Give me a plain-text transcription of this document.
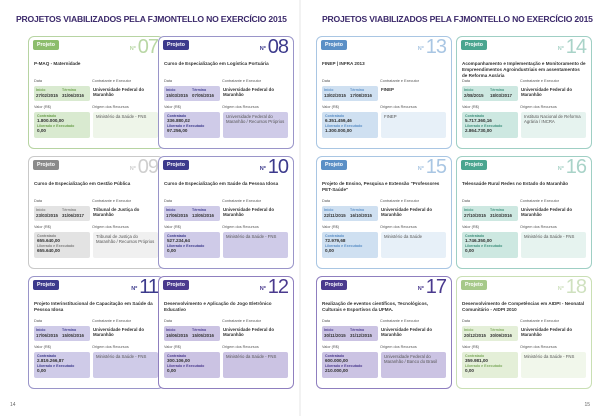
PROJETOS VIABILIZADOS PELA FJMONTELLO NO EXERCÍCIO 2015
14
PROJETOS VIABILIZADOS PELA FJMONTELLO NO EXERCÍCIO 2015
15
Projeto
Nº 07
P-MAQ - Maternidade
Data	Contratante e Executor
Início
27/02/2015
Término
31/06/2016
Universidade Federal do Maranhão
Valor (R$)	Origem dos Recursos
Contratado
1.800.000,00
Liberado e Executado
0,00
Ministério da Saúde - FNS
Projeto
Nº 08
Curso de Especialização em Logística Portuária
Data	Contratante e Executor
Início
15/03/2015
Término
07/05/2016
Universidade Federal do Maranhão
Valor (R$)	Origem dos Recursos
Contratado
336.880,02
Liberado e Executado
97.256,00
Universidade Federal do Maranhão / Recursos Próprios
Projeto
Nº 09
Curso de Especialização em Gestão Pública
Data	Contratante e Executor
Início
23/03/2015
Término
31/06/2017
Tribunal de Justiça do Maranhão
Valor (R$)	Origem dos Recursos
Contratado
655.640,00
Liberado e Executado
655.640,00
Tribunal de Justiça do Maranhão / Recursos Próprios
Projeto
Nº 10
Curso de Especialização em Saúde da Pessoa Idosa
Data	Contratante e Executor
Início
17/06/2015
Término
13/05/2016
Universidade Federal do Maranhão
Valor (R$)	Origem dos Recursos
Contratado
527.234,64
Liberado e Executado
0,00
Ministério da Saúde - FNS
Projeto
Nº 11
Projeto Interinstitucional de Capacitação em Saúde da Pessoa Idosa
Data	Contratante e Executor
Início
17/06/2015
Término
15/05/2016
Universidade Federal do Maranhão
Valor (R$)	Origem dos Recursos
Contratado
2.819.266,87
Liberado e Executado
0,00
Ministério da Saúde - FNS
Projeto
Nº 12
Desenvolvimento e Aplicação do Jogo Eletrônico Educativo
Data	Contratante e Executor
Início
16/06/2015
Término
15/05/2016
Universidade Federal do Maranhão
Valor (R$)	Origem dos Recursos
Contratado
300.106,00
Liberado e Executado
0,00
Ministério da Saúde - FNS
Projeto
Nº 13
FINEP | INFRA 2013
Data	Contratante e Executor
Início
13/02/2015
Término
17/08/2016
FINEP
Valor (R$)	Origem dos Recursos
Contratado
6.351.459,46
Liberado e Executado
1.300.000,00
FINEP
Projeto
Nº 14
Acompanhamento e Implementação e Monitoramento de Empreendimentos Agroindustriais em assentamentos de Reforma Agrária
Data	Contratante e Executor
Início
2/08/2015
Término
18/03/2017
Universidade Federal do Maranhão
Valor (R$)	Origem dos Recursos
Contratado
5.717.360,16
Liberado e Executado
2.864.730,00
Instituto Nacional de Reforma Agrária / INCRA
Projeto
Nº 15
Projeto de Ensino, Pesquisa e Extensão "Professores PET-Saúde"
Data	Contratante e Executor
Início
22/11/2015
Término
16/10/2015
Universidade Federal do Maranhão
Valor (R$)	Origem dos Recursos
Contratado
72.979,68
Liberado e Executado
0,00
Ministério da Saúde
Projeto
Nº 16
Telessaúde Rural Redes no Estado do Maranhão
Data	Contratante e Executor
Início
27/10/2015
Término
31/03/2016
Universidade Federal do Maranhão
Valor (R$)	Origem dos Recursos
Contratado
1.746.350,00
Liberado e Executado
0,00
Ministério da Saúde - FNS
Projeto
Nº 17
Realização de eventos científicos, Tecnológicos, Culturais e Esportivos da UFMA.
Data	Contratante e Executor
Início
30/11/2015
Término
31/12/2015
Universidade Federal do Maranhão
Valor (R$)	Origem dos Recursos
Contratado
600.000,00
Liberado e Executado
210.000,00
Universidade Federal do Maranhão / Banco do Brasil
Projeto
Nº 18
Desenvolvimento de Competências em AIDPI - Neonatal Comunitário - AIDPI 2010
Data	Contratante e Executor
Início
20/12/2015
Término
30/09/2016
Universidade Federal do Maranhão
Valor (R$)	Origem dos Recursos
Contratado
359.981,00
Liberado e Executado
0,00
Ministério da Saúde - FNS
